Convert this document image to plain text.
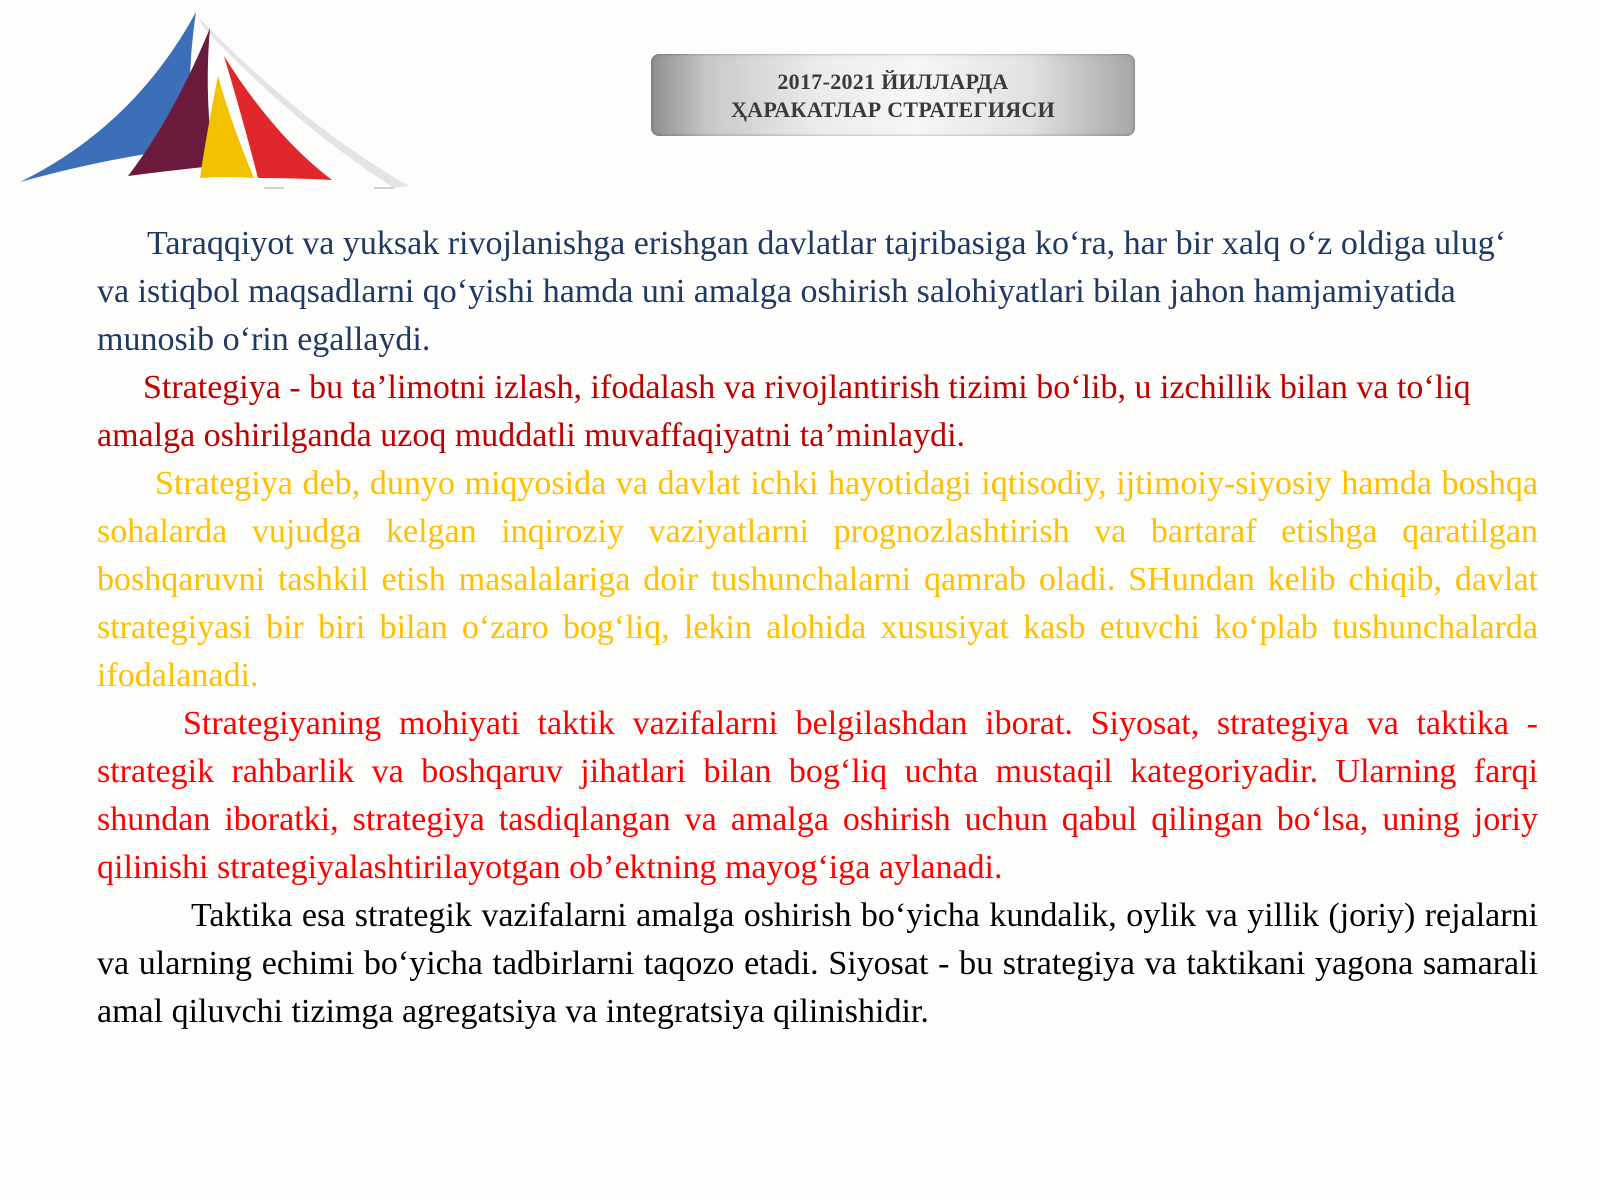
2017-2021 ЙИЛЛАРДА
ҲАРАКАТЛАР СТРАТЕГИЯСИ

Taraqqiyot va yuksak rivojlanishga erishgan davlatlar tajribasiga ko‘ra, har bir xalq o‘z oldiga ulug‘ va istiqbol maqsadlarni qo‘yishi hamda uni amalga oshirish salohiyatlari bilan jahon hamjamiyatida munosib o‘rin egallaydi.

Strategiya - bu ta’limotni izlash, ifodalash va rivojlantirish tizimi bo‘lib, u izchillik bilan va to‘liq amalga oshirilganda uzoq muddatli muvaffaqiyatni ta’minlaydi.

Strategiya deb, dunyo miqyosida va davlat ichki hayotidagi iqtisodiy, ijtimoiy-siyosiy hamda boshqa sohalarda vujudga kelgan inqiroziy vaziyatlarni prognozlashtirish va bartaraf etishga qaratilgan boshqaruvni tashkil etish masalalariga doir tushunchalarni qamrab oladi. SHundan kelib chiqib, davlat strategiyasi bir biri bilan o‘zaro bog‘liq, lekin alohida xususiyat kasb etuvchi ko‘plab tushunchalarda ifodalanadi.

Strategiyaning mohiyati taktik vazifalarni belgilashdan iborat. Siyosat, strategiya va taktika - strategik rahbarlik va boshqaruv jihatlari bilan bog‘liq uchta mustaqil kategoriyadir. Ularning farqi shundan iboratki, strategiya tasdiqlangan va amalga oshirish uchun qabul qilingan bo‘lsa, uning joriy qilinishi strategiyalashtirilayotgan ob’ektning mayog‘iga aylanadi.

Taktika esa strategik vazifalarni amalga oshirish bo‘yicha kundalik, oylik va yillik (joriy) rejalarni va ularning echimi bo‘yicha tadbirlarni taqozo etadi. Siyosat - bu strategiya va taktikani yagona samarali amal qiluvchi tizimga agregatsiya va integratsiya qilinishidir.
